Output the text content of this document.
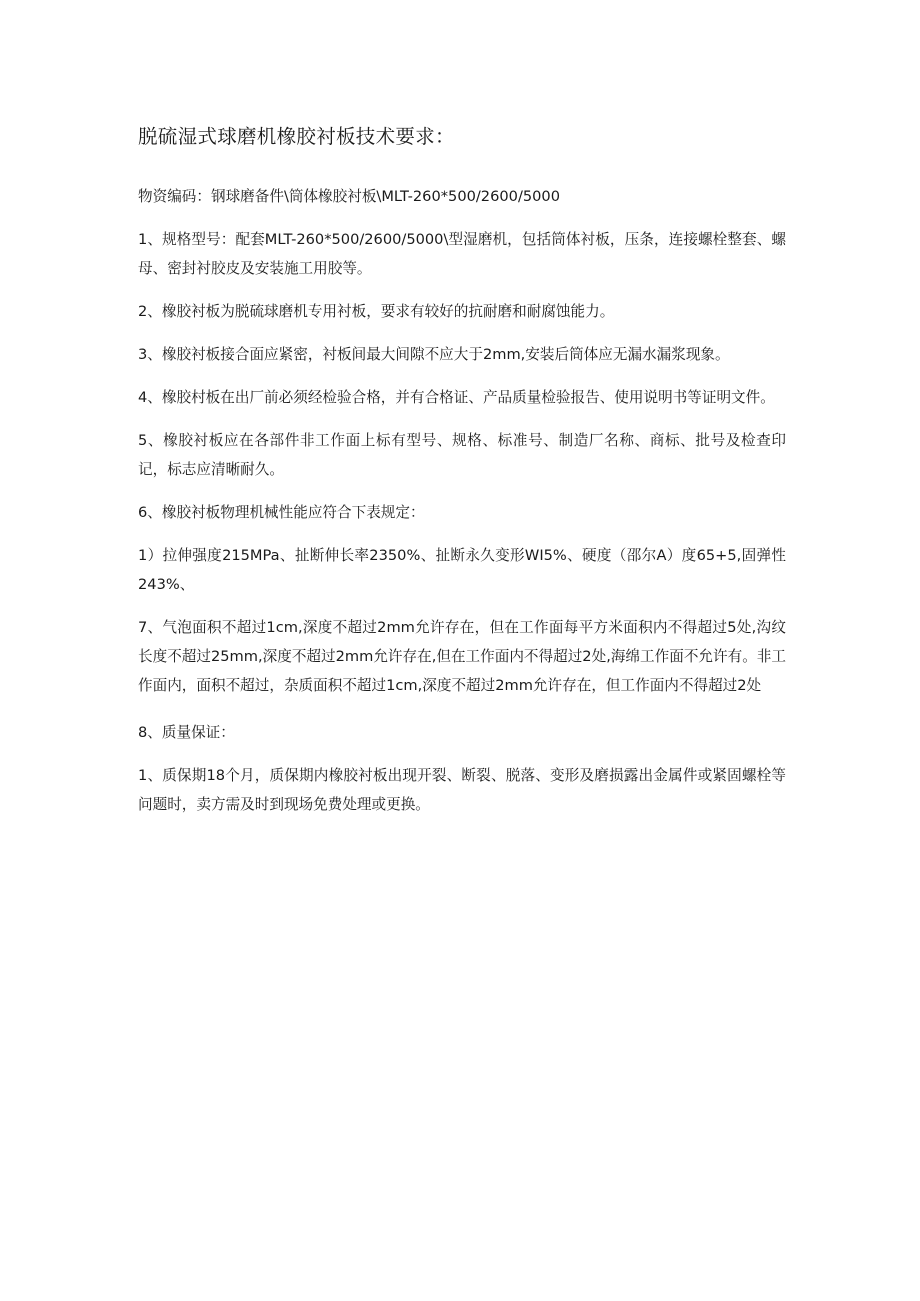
脱硫湿式球磨机橡胶衬板技术要求：

物资编码：钢球磨备件\筒体橡胶衬板\MLT-260*500/2600/5000

1、规格型号：配套MLT-260*500/2600/5000\型湿磨机，包括筒体衬板，压条，连接螺栓整套、螺母、密封衬胶皮及安装施工用胶等。

2、橡胶衬板为脱硫球磨机专用衬板，要求有较好的抗耐磨和耐腐蚀能力。

3、橡胶衬板接合面应紧密，衬板间最大间隙不应大于2mm,安装后筒体应无漏水漏浆现象。

4、橡胶村板在出厂前必须经检验合格，并有合格证、产品质量检验报告、使用说明书等证明文件。

5、橡胶衬板应在各部件非工作面上标有型号、规格、标准号、制造厂名称、商标、批号及检查印记，标志应清晰耐久。

6、橡胶衬板物理机械性能应符合下表规定：

1）拉伸强度215MPa、扯断伸长率2350%、扯断永久变形WI5%、硬度（邵尔A）度65+5,固弹性243%、

7、气泡面积不超过1cm,深度不超过2mm允许存在，但在工作面每平方米面积内不得超过5处,沟纹长度不超过25mm,深度不超过2mm允许存在,但在工作面内不得超过2处,海绵工作面不允许有。非工作面内，面积不超过，杂质面积不超过1cm,深度不超过2mm允许存在，但工作面内不得超过2处

8、质量保证：

1、质保期18个月，质保期内橡胶衬板出现开裂、断裂、脱落、变形及磨损露出金属件或紧固螺栓等问题时，卖方需及时到现场免费处理或更换。
